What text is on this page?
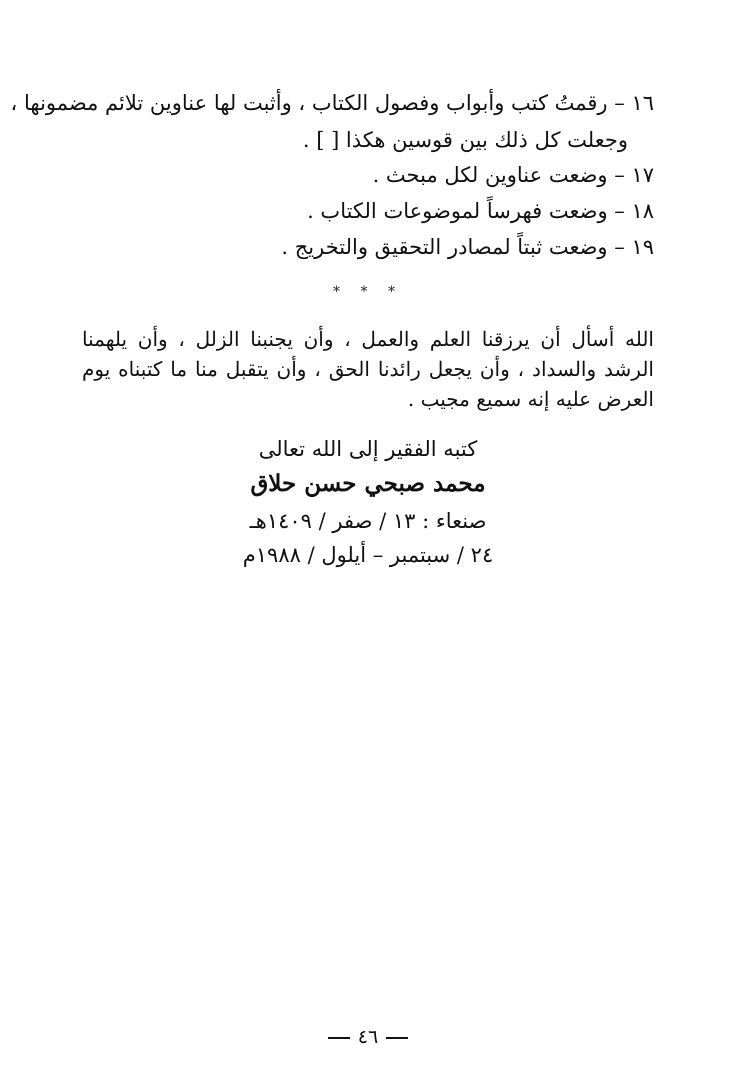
١٦ – رقمتُ كتب وأبواب وفصول الكتاب ، وأثبت لها عناوين تلائم مضمونها ،
وجعلت كل ذلك بين قوسين هكذا [ ] .
١٧ – وضعت عناوين لكل مبحث .
١٨ – وضعت فهرساً لموضوعات الكتاب .
١٩ – وضعت ثبتاً لمصادر التحقيق والتخريج .
* * *
الله أسأل أن يرزقنا العلم والعمل ، وأن يجنبنا الزلل ، وأن يلهمنا الرشد والسداد ، وأن يجعل رائدنا الحق ، وأن يتقبل منا ما كتبناه يوم العرض عليه إنه سميع مجيب .
كتبه الفقير إلى الله تعالى
محمد صبحي حسن حلاق
صنعاء : ١٣ / صفر / ١٤٠٩هـ
٢٤ / سبتمبر – أيلول / ١٩٨٨م
٤٦
